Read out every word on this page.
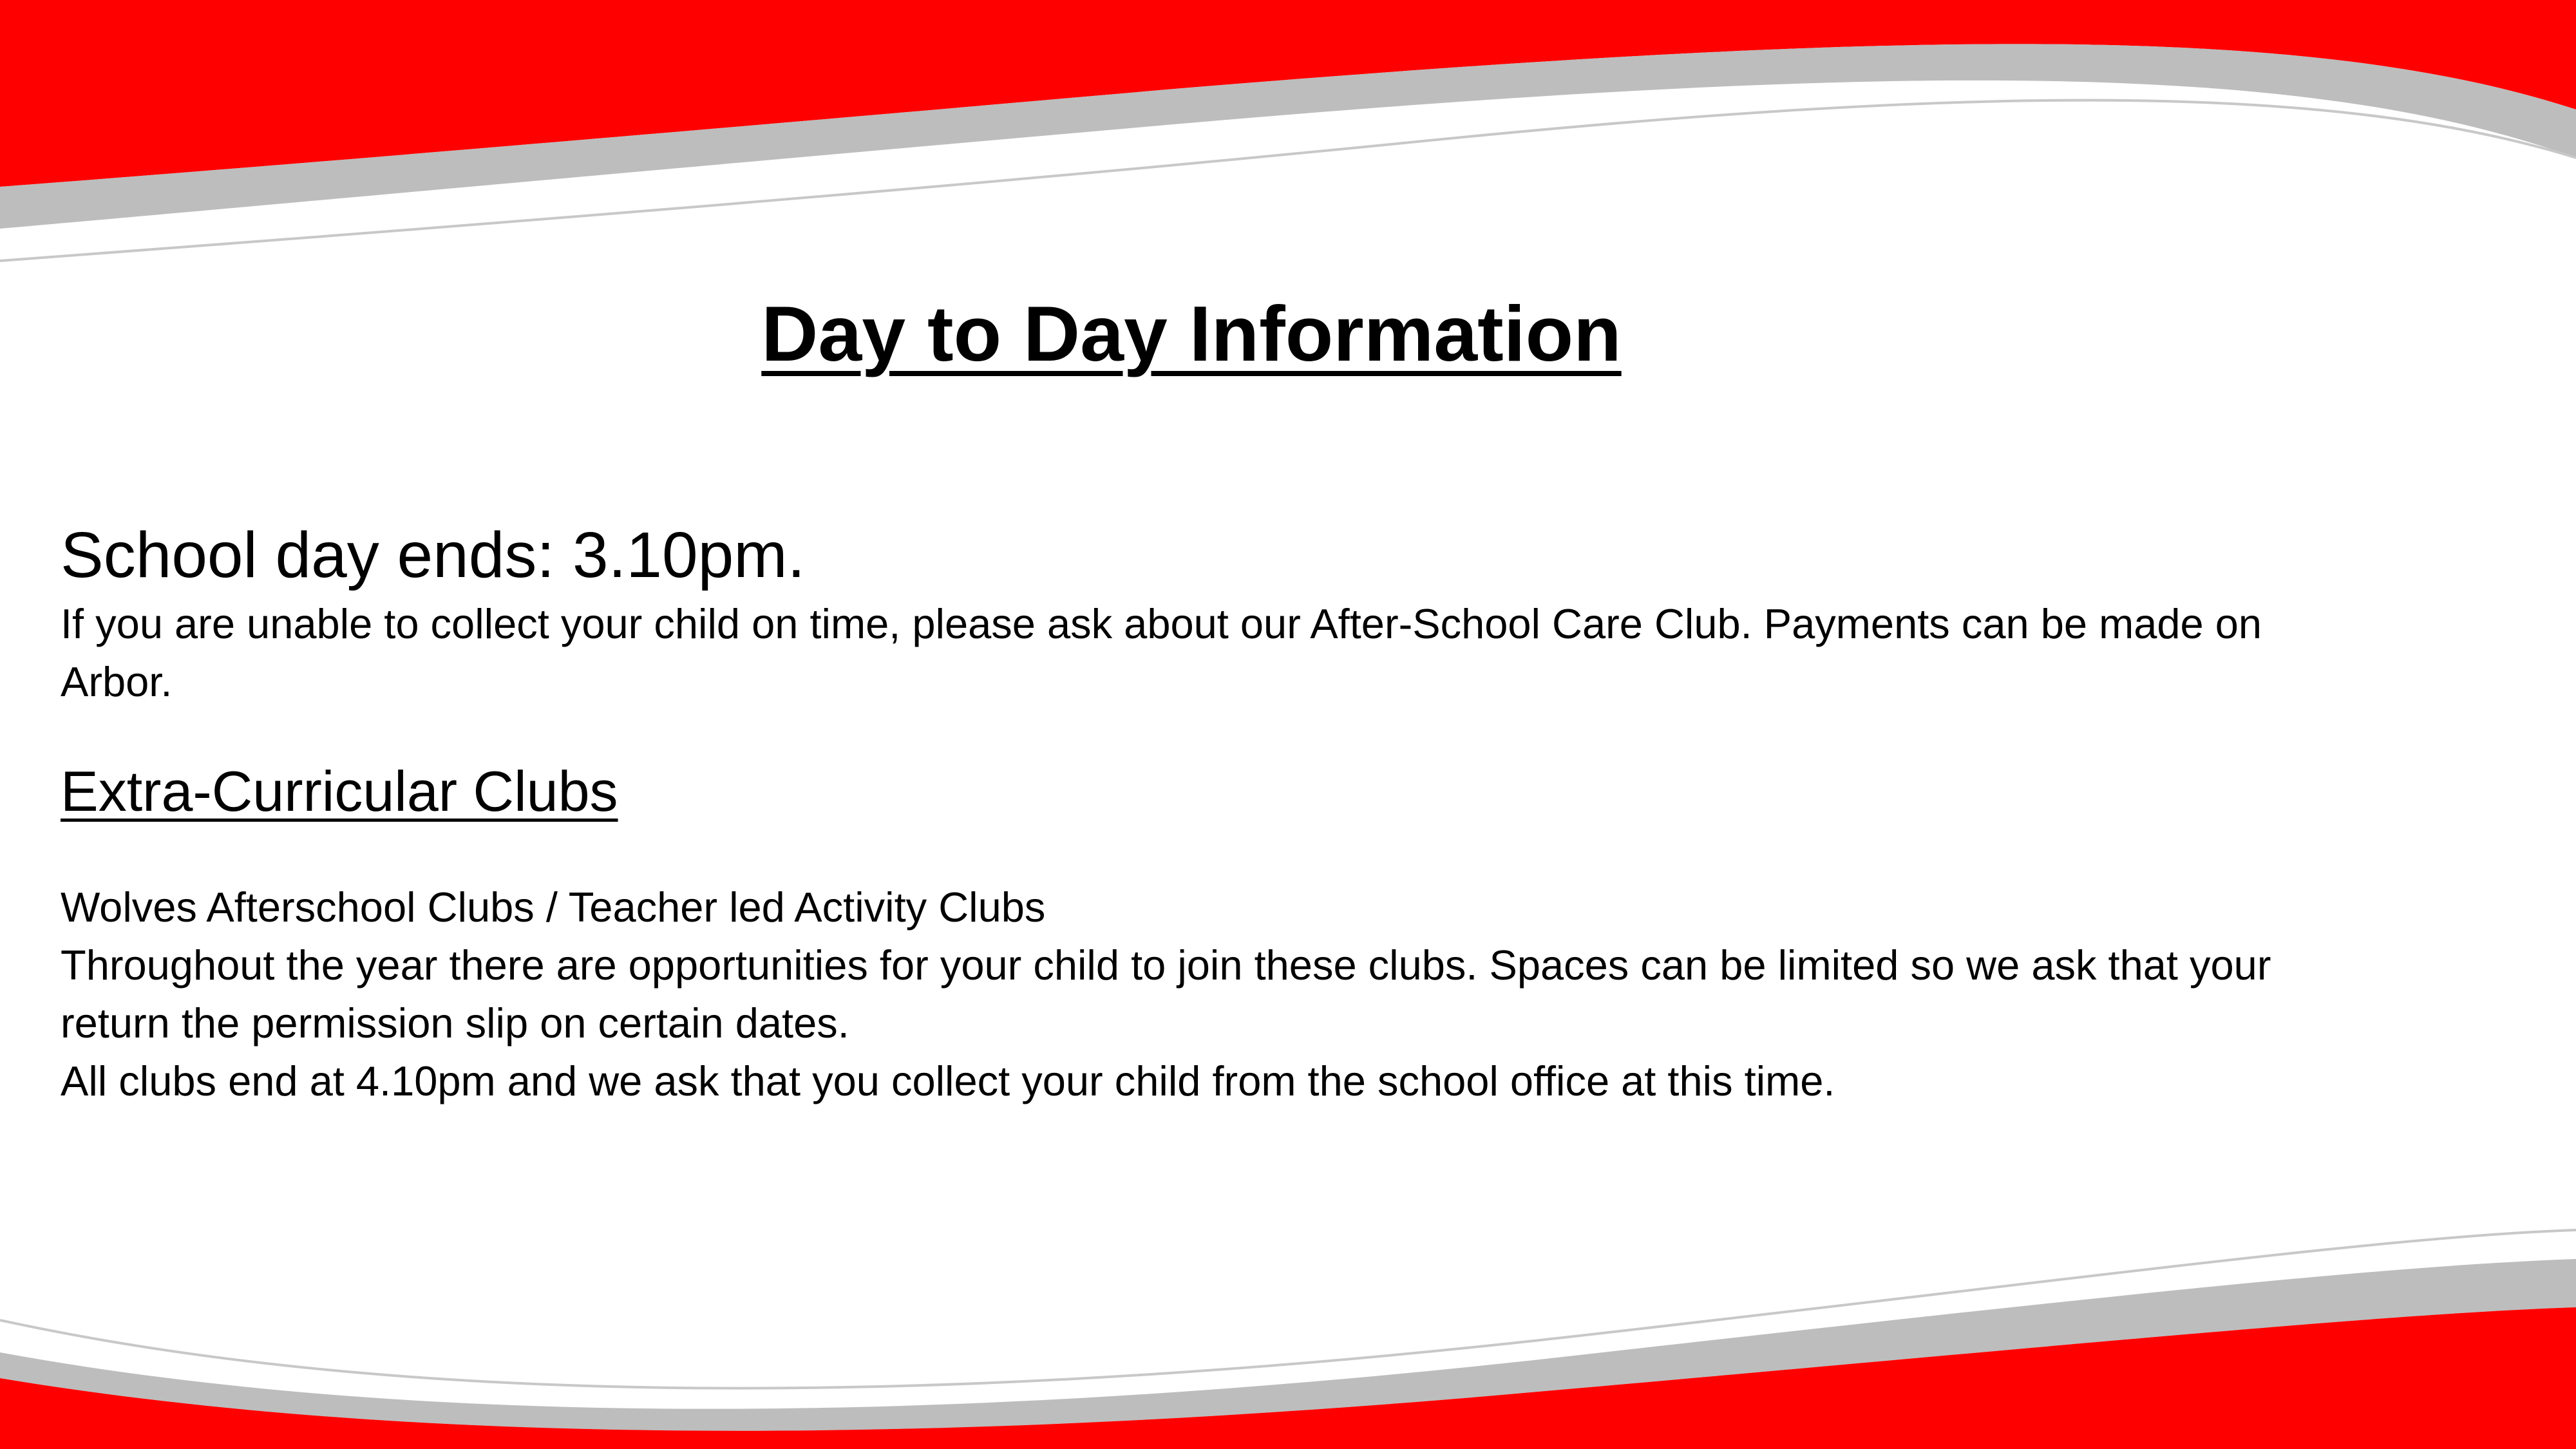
Day to Day Information
School day ends: 3.10pm.

If you are unable to collect your child on time, please ask about our After-School Care Club. Payments can be made on Arbor.

Extra-Curricular Clubs

Wolves Afterschool Clubs / Teacher led Activity Clubs

Throughout the year there are opportunities for your child to join these clubs. Spaces can be limited so we ask that your return the permission slip on certain dates.

All clubs end at 4.10pm and we ask that you collect your child from the school office at this time.
